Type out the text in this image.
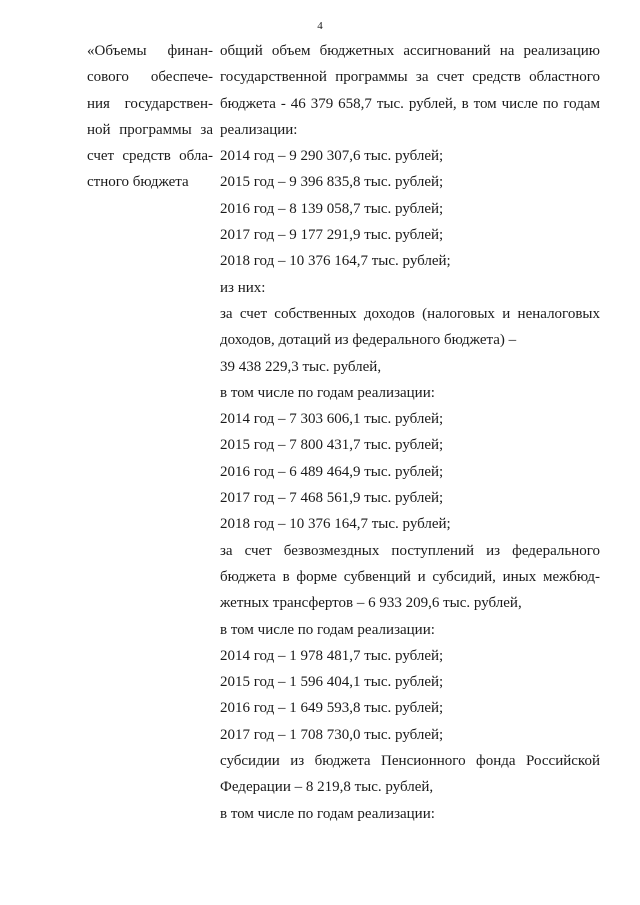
4
«Объемы финан-
сового обеспече-
ния государствен-
ной программы за
счет средств обла-
стного бюджета
общий объем бюджетных ассигнований на реализацию
государственной программы за счет средств областного
бюджета - 46 379 658,7 тыс. рублей, в том числе по годам
реализации:
2014 год – 9 290 307,6 тыс. рублей;
2015 год – 9 396 835,8 тыс. рублей;
2016 год – 8 139 058,7 тыс. рублей;
2017 год – 9 177 291,9 тыс. рублей;
2018 год – 10 376 164,7 тыс. рублей;
из них:
за счет собственных доходов (налоговых и неналоговых
доходов, дотаций из федерального бюджета) –
39 438 229,3 тыс. рублей,
в том числе по годам реализации:
2014 год – 7 303 606,1 тыс. рублей;
2015 год – 7 800 431,7 тыс. рублей;
2016 год – 6 489 464,9 тыс. рублей;
2017 год – 7 468 561,9 тыс. рублей;
2018 год – 10 376 164,7 тыс. рублей;
за счет безвозмездных поступлений из федерального
бюджета в форме субвенций и субсидий, иных межбюд-
жетных трансфертов – 6 933 209,6 тыс. рублей,
в том числе по годам реализации:
2014 год – 1 978 481,7 тыс. рублей;
2015 год – 1 596 404,1 тыс. рублей;
2016 год – 1 649 593,8 тыс. рублей;
2017 год – 1 708 730,0 тыс. рублей;
субсидии из бюджета Пенсионного фонда Российской
Федерации – 8 219,8 тыс. рублей,
в том числе по годам реализации:
